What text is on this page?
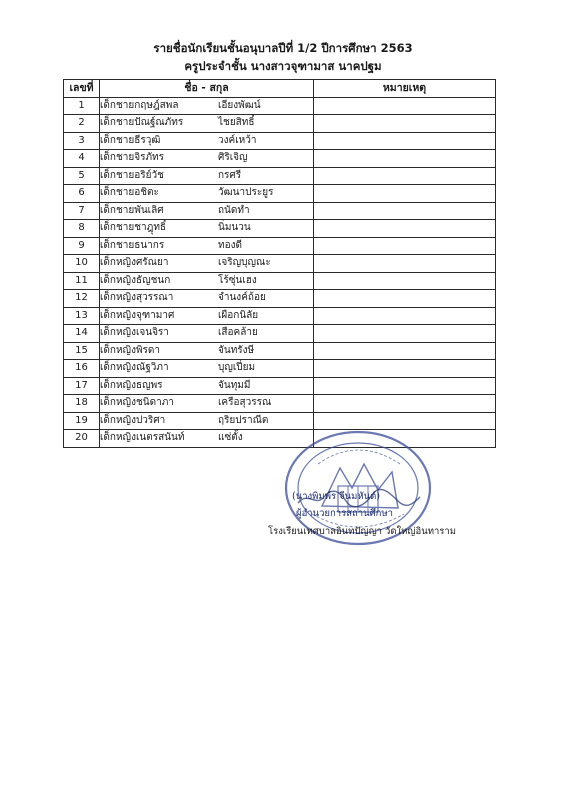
รายชื่อนักเรียนชั้นอนุบาลปีที่ 1/2 ปีการศึกษา 2563
ครูประจำชั้น นางสาวจุฑามาส นาคปฐม
เลขที่	ชื่อ - สกุล	หมายเหตุ
1	เด็กชายกฤษฎ์สพล เอียงพัฒน์	
2	เด็กชายปัณฐ์ณภัทร ไชยสิทธิ์	
3	เด็กชายธีรวุฒิ วงค์เหว้า	
4	เด็กชายจิรภัทร ศิริเจิญ	
5	เด็กชายอริย์วัช กรศรี	
6	เด็กชายอชิตะ วัฒนาประยูร	
7	เด็กชายพันเลิศ ถนัดทำ	
8	เด็กชายชาฎุทธิ์ นิ่มนวน	
9	เด็กชายธนากร ทองดี	
10	เด็กหญิงศรัณยา เจริญบุญณะ	
11	เด็กหญิงธัญชนก โร้ซุ่นเฮง	
12	เด็กหญิงสุวรรณา จำนงค์ถ้อย	
13	เด็กหญิงจุฑามาศ เผือกนิลัย	
14	เด็กหญิงเจนจิรา เสือคล้าย	
15	เด็กหญิงพิรดา จันทรังษี	
16	เด็กหญิงณัฐวิภา บุญเปี่ยม	
17	เด็กหญิงธญพร จันทุมมี	
18	เด็กหญิงชนิดาภา เครือสุวรรณ	
19	เด็กหญิงปวริศา ฤริยปราณีต	
20	เด็กหญิงเนตรสนันท์ แซ่ตั้ง	
(นางพิมพ์ร จีนมหันต์)
ผู้อำนวยการสถานศึกษา
โรงเรียนเทศบาลอินทปัญญา วัดใหญ่อินทาราม
